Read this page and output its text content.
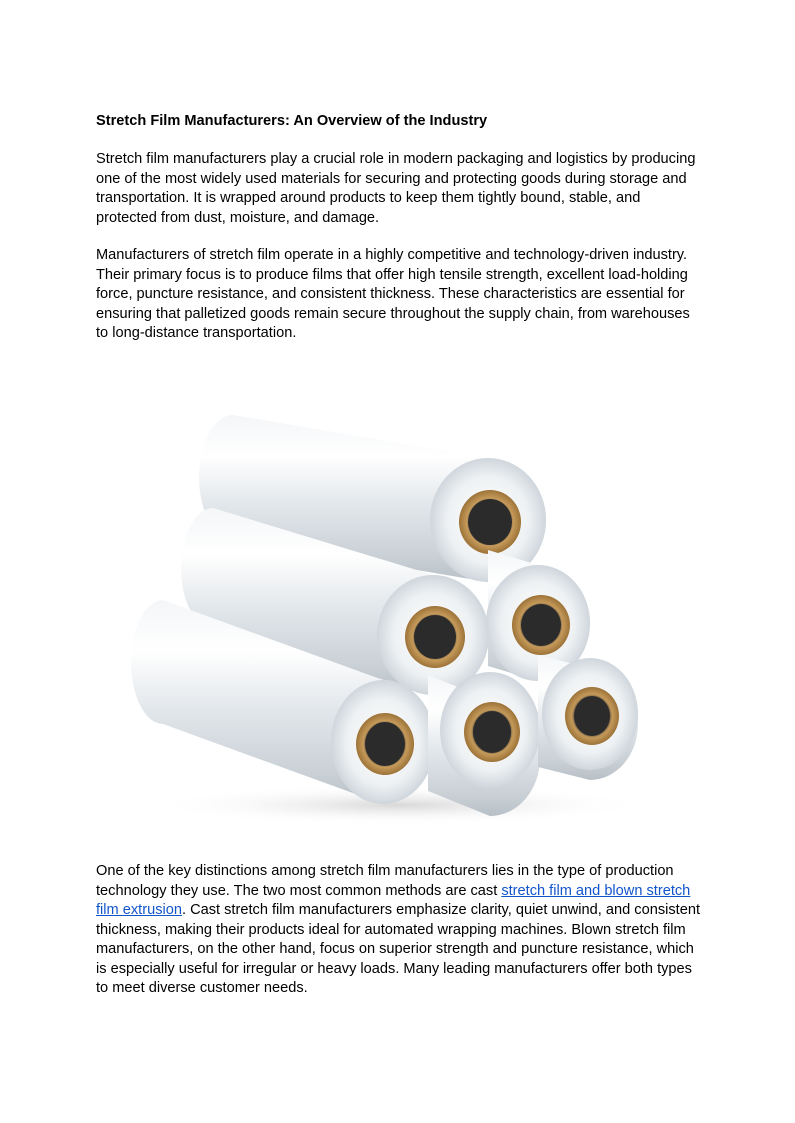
Stretch Film Manufacturers: An Overview of the Industry

Stretch film manufacturers play a crucial role in modern packaging and logistics by producing one of the most widely used materials for securing and protecting goods during storage and transportation. It is wrapped around products to keep them tightly bound, stable, and protected from dust, moisture, and damage.

Manufacturers of stretch film operate in a highly competitive and technology-driven industry. Their primary focus is to produce films that offer high tensile strength, excellent load-holding force, puncture resistance, and consistent thickness. These characteristics are essential for ensuring that palletized goods remain secure throughout the supply chain, from warehouses to long-distance transportation.

One of the key distinctions among stretch film manufacturers lies in the type of production technology they use. The two most common methods are cast stretch film and blown stretch film extrusion. Cast stretch film manufacturers emphasize clarity, quiet unwind, and consistent thickness, making their products ideal for automated wrapping machines. Blown stretch film manufacturers, on the other hand, focus on superior strength and puncture resistance, which is especially useful for irregular or heavy loads. Many leading manufacturers offer both types to meet diverse customer needs.
